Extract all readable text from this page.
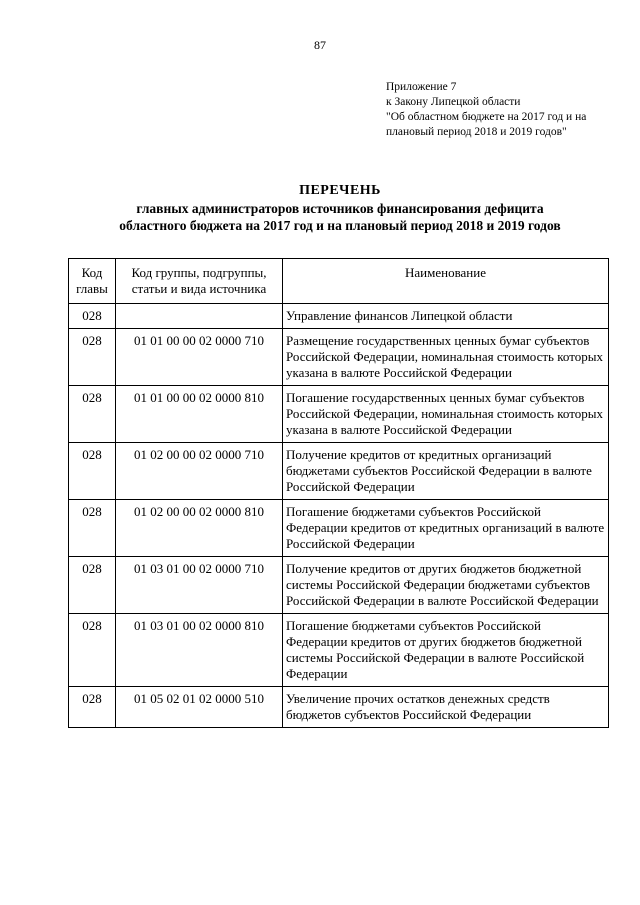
87
Приложение 7
к Закону Липецкой области
"Об областном бюджете на 2017 год и на
плановый период 2018 и 2019 годов"
ПЕРЕЧЕНЬ
главных администраторов источников финансирования дефицита
областного бюджета на 2017 год и на плановый период 2018 и 2019 годов
Код главы	Код группы, подгруппы, статьи и вида источника	Наименование
028		Управление финансов Липецкой области
028	01 01 00 00 02 0000 710	Размещение государственных ценных бумаг субъектов Российской Федерации, номинальная стоимость которых указана в валюте Российской Федерации
028	01 01 00 00 02 0000 810	Погашение государственных ценных бумаг субъектов Российской Федерации, номинальная стоимость которых указана в валюте Российской Федерации
028	01 02 00 00 02 0000 710	Получение кредитов от кредитных организаций бюджетами субъектов Российской Федерации в валюте Российской Федерации
028	01 02 00 00 02 0000 810	Погашение бюджетами субъектов Российской Федерации кредитов от кредитных организаций в валюте Российской Федерации
028	01 03 01 00 02 0000 710	Получение кредитов от других бюджетов бюджетной системы Российской Федерации бюджетами субъектов Российской Федерации в валюте Российской Федерации
028	01 03 01 00 02 0000 810	Погашение бюджетами субъектов Российской Федерации кредитов от других бюджетов бюджетной системы Российской Федерации в валюте Российской Федерации
028	01 05 02 01 02 0000 510	Увеличение прочих остатков денежных средств бюджетов субъектов Российской Федерации
